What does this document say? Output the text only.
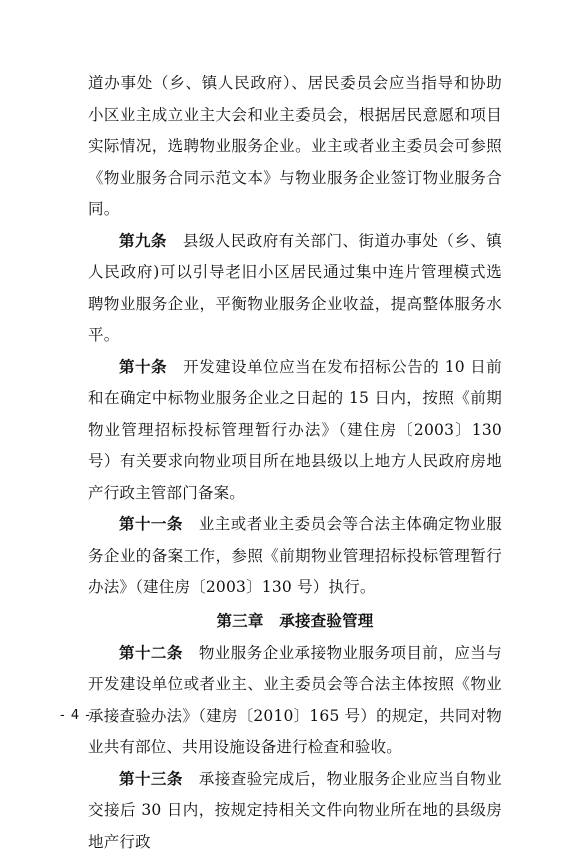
道办事处（乡、镇人民政府）、居民委员会应当指导和协助小区业主成立业主大会和业主委员会，根据居民意愿和项目实际情况，选聘物业服务企业。业主或者业主委员会可参照《物业服务合同示范文本》与物业服务企业签订物业服务合同。

第九条　 县级人民政府有关部门、街道办事处（乡、镇人民政府)可以引导老旧小区居民通过集中连片管理模式选聘物业服务企业，平衡物业服务企业收益，提高整体服务水平。

第十条　 开发建设单位应当在发布招标公告的 10 日前和在确定中标物业服务企业之日起的 15 日内，按照《前期物业管理招标投标管理暂行办法》（建住房〔2003〕130 号）有关要求向物业项目所在地县级以上地方人民政府房地产行政主管部门备案。

第十一条　 业主或者业主委员会等合法主体确定物业服务企业的备案工作，参照《前期物业管理招标投标管理暂行办法》（建住房〔2003〕130 号）执行。

第三章　承接查验管理

第十二条　 物业服务企业承接物业服务项目前，应当与开发建设单位或者业主、业主委员会等合法主体按照《物业承接查验办法》（建房〔2010〕165 号）的规定，共同对物业共有部位、共用设施设备进行检查和验收。

第十三条　 承接查验完成后，物业服务企业应当自物业交接后 30 日内，按规定持相关文件向物业所在地的县级房地产行政

- 4 -
